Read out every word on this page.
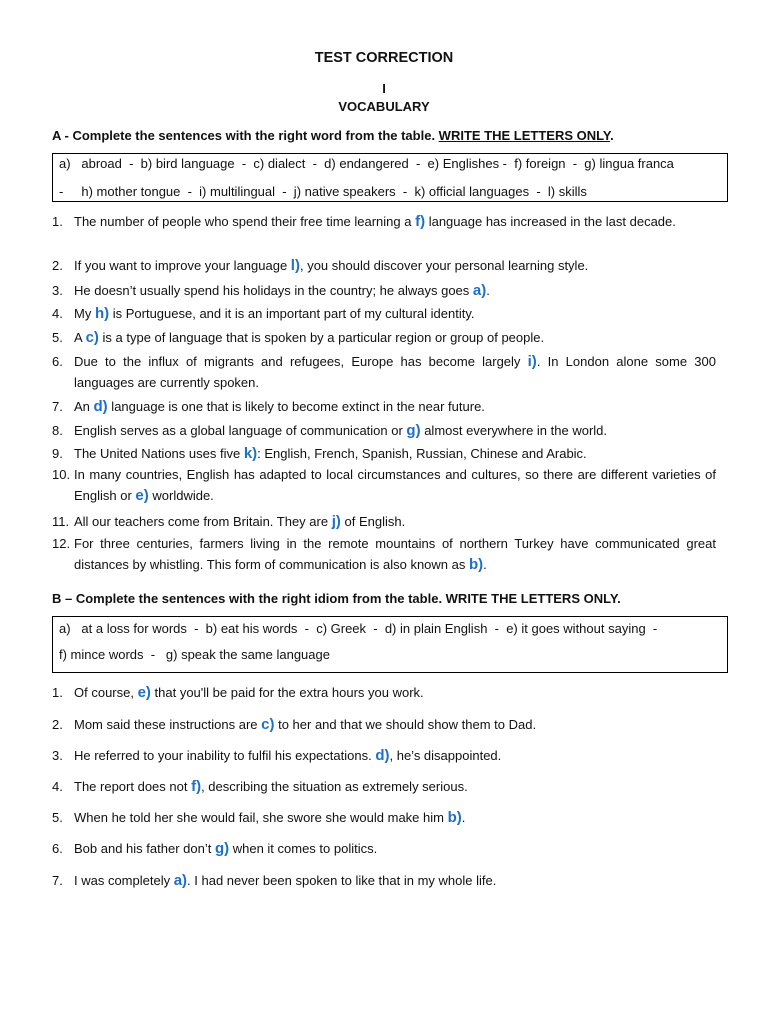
TEST CORRECTION
I
VOCABULARY
A - Complete the sentences with the right word from the table. WRITE THE LETTERS ONLY.
a)   abroad  -  b) bird language  -  c) dialect  -  d) endangered  -  e) Englishes -  f) foreign  -  g) lingua franca
-     h) mother tongue  -  i) multilingual  -  j) native speakers  -  k) official languages  -  l) skills
1. The number of people who spend their free time learning a f) language has increased in the last decade.
2. If you want to improve your language l), you should discover your personal learning style.
3. He doesn’t usually spend his holidays in the country; he always goes a).
4. My h) is Portuguese, and it is an important part of my cultural identity.
5. A c) is a type of language that is spoken by a particular region or group of people.
6. Due to the influx of migrants and refugees, Europe has become largely i). In London alone some 300 languages are currently spoken.
7. An d) language is one that is likely to become extinct in the near future.
8. English serves as a global language of communication or g) almost everywhere in the world.
9. The United Nations uses five k): English, French, Spanish, Russian, Chinese and Arabic.
10. In many countries, English has adapted to local circumstances and cultures, so there are different varieties of English or e) worldwide.
11. All our teachers come from Britain. They are j) of English.
12. For three centuries, farmers living in the remote mountains of northern Turkey have communicated great distances by whistling. This form of communication is also known as b).
B – Complete the sentences with the right idiom from the table. WRITE THE LETTERS ONLY.
a)   at a loss for words  -  b) eat his words  -  c) Greek  -  d) in plain English  -  e) it goes without saying  -
f) mince words  -   g) speak the same language
1. Of course, e) that you'll be paid for the extra hours you work.
2. Mom said these instructions are c) to her and that we should show them to Dad.
3. He referred to your inability to fulfil his expectations. d), he’s disappointed.
4. The report does not f), describing the situation as extremely serious.
5. When he told her she would fail, she swore she would make him b).
6. Bob and his father don’t g) when it comes to politics.
7. I was completely a). I had never been spoken to like that in my whole life.
